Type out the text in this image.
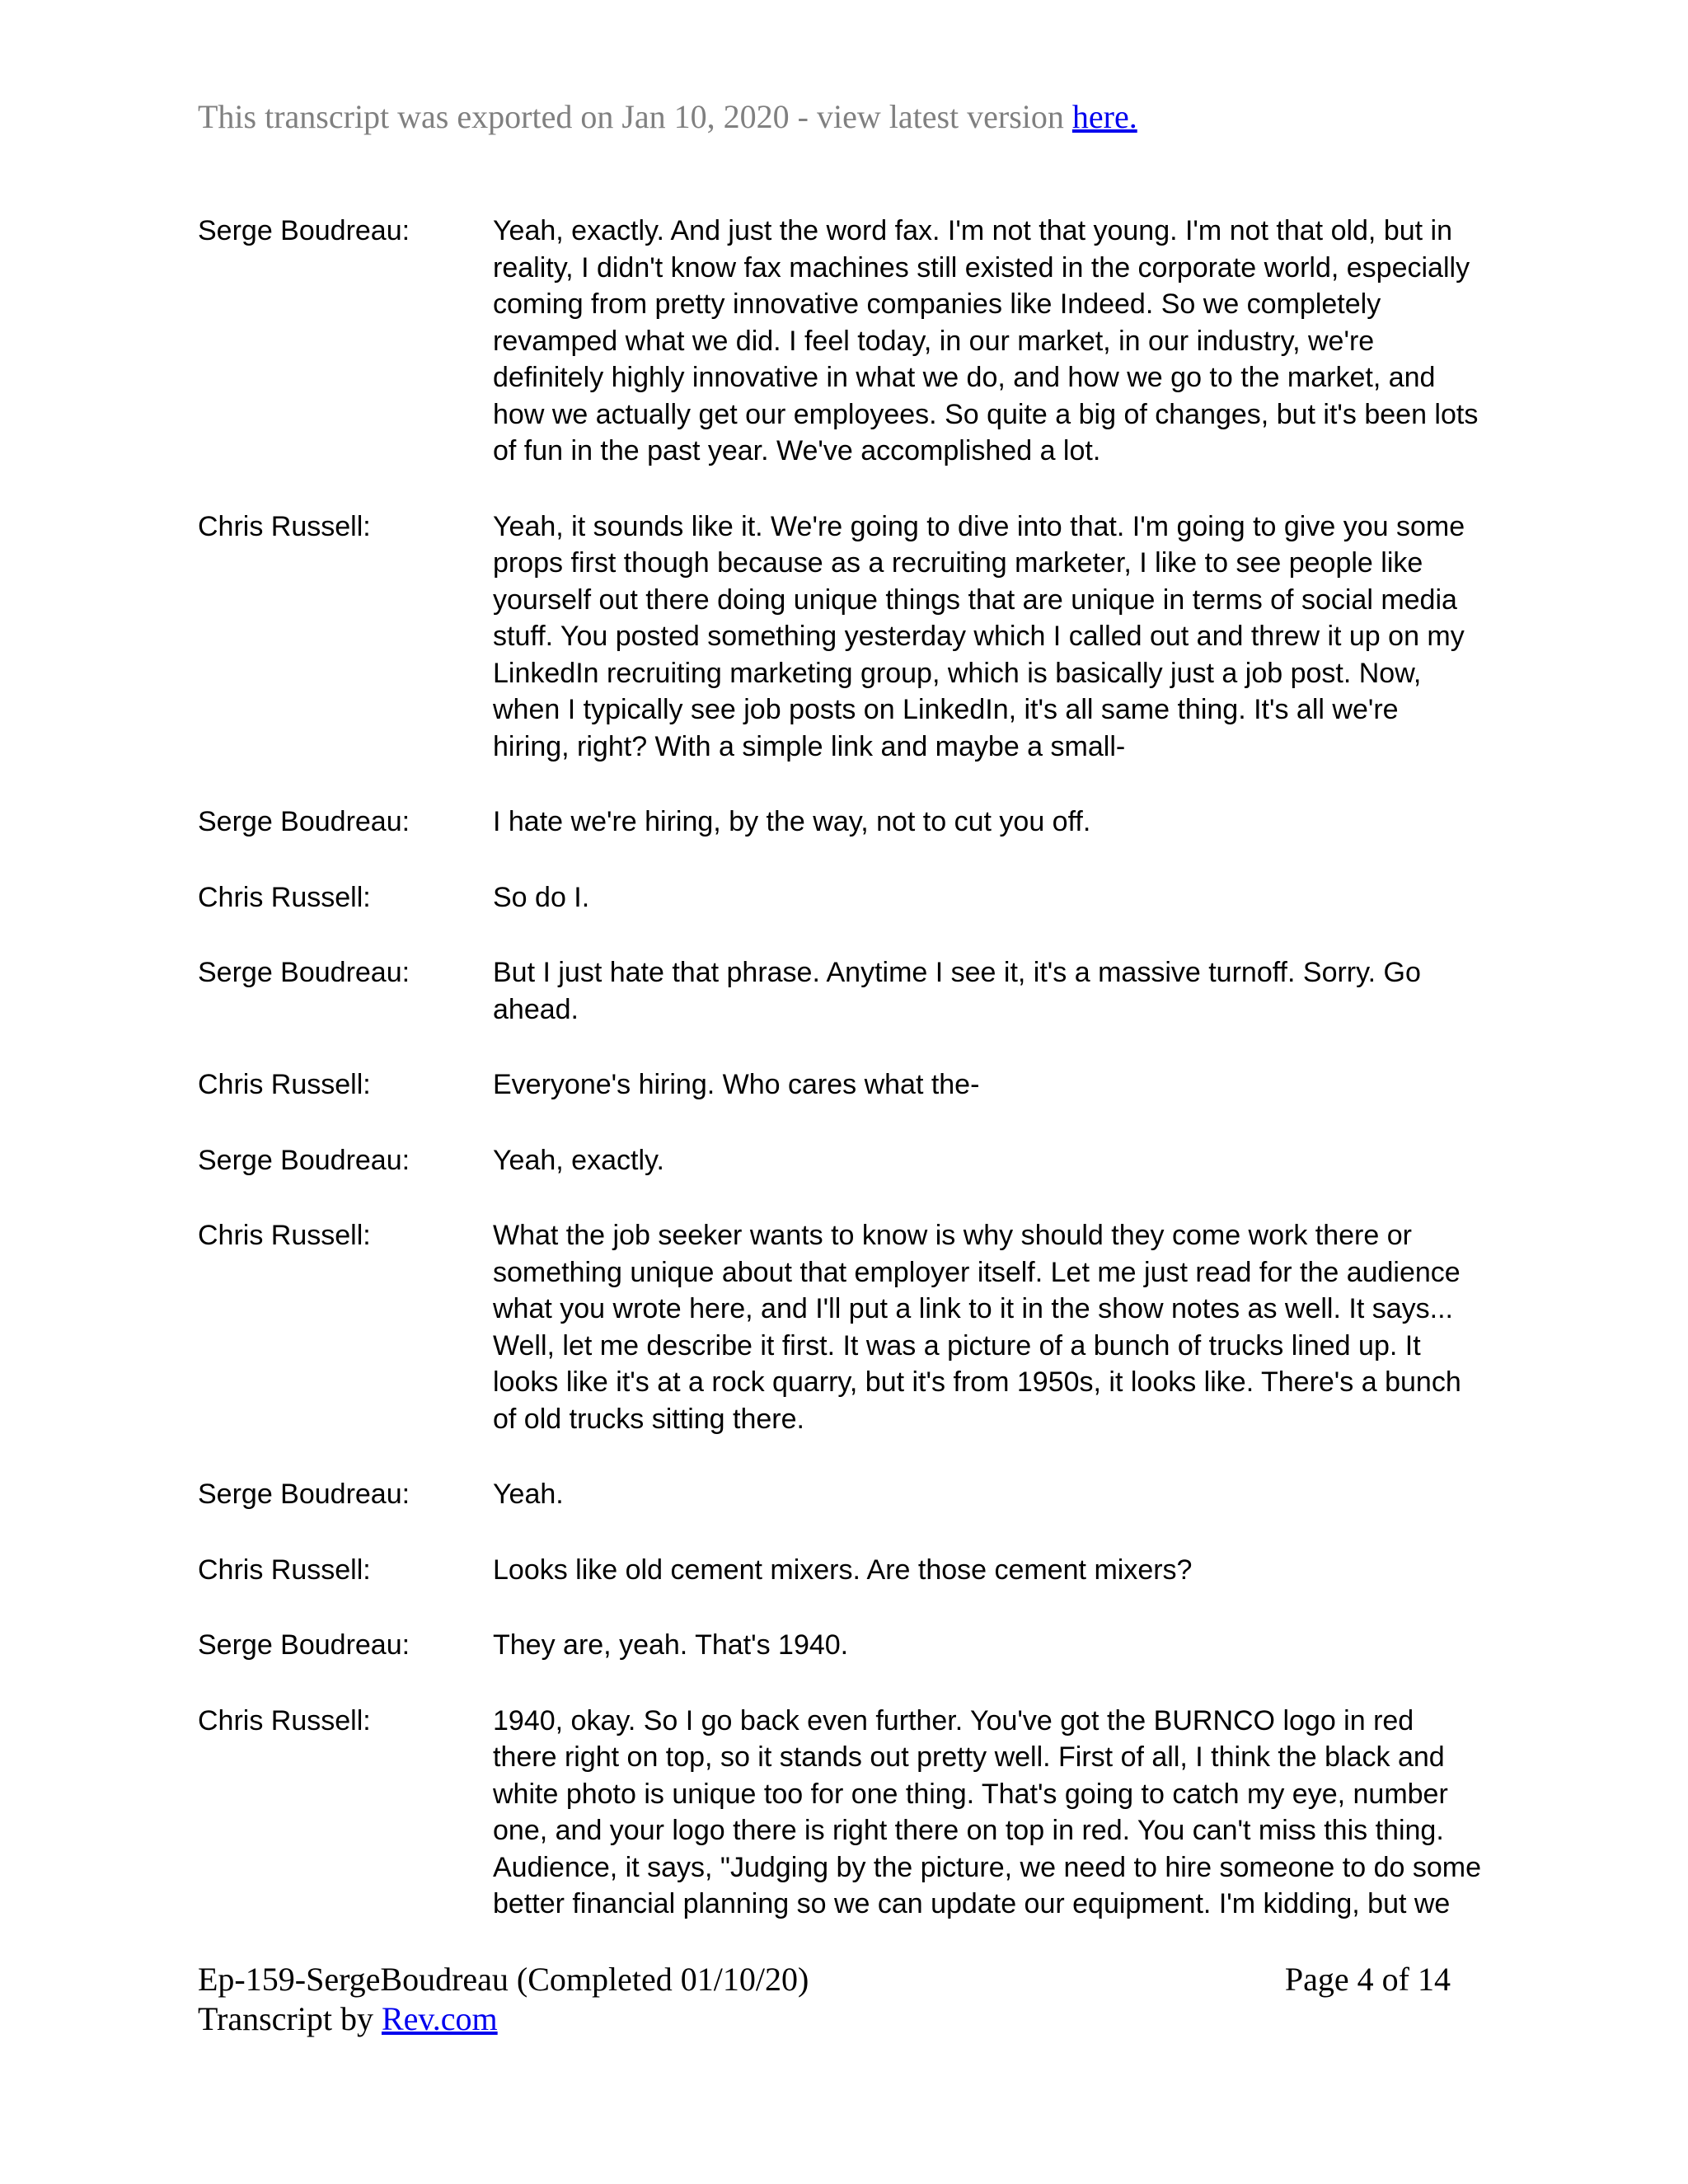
This transcript was exported on Jan 10, 2020 - view latest version here.
Serge Boudreau:	Yeah, exactly. And just the word fax. I'm not that young. I'm not that old, but in reality, I didn't know fax machines still existed in the corporate world, especially coming from pretty innovative companies like Indeed. So we completely revamped what we did. I feel today, in our market, in our industry, we're definitely highly innovative in what we do, and how we go to the market, and how we actually get our employees. So quite a big of changes, but it's been lots of fun in the past year. We've accomplished a lot.
Chris Russell:	Yeah, it sounds like it. We're going to dive into that. I'm going to give you some props first though because as a recruiting marketer, I like to see people like yourself out there doing unique things that are unique in terms of social media stuff. You posted something yesterday which I called out and threw it up on my LinkedIn recruiting marketing group, which is basically just a job post. Now, when I typically see job posts on LinkedIn, it's all same thing. It's all we're hiring, right? With a simple link and maybe a small-
Serge Boudreau:	I hate we're hiring, by the way, not to cut you off.
Chris Russell:	So do I.
Serge Boudreau:	But I just hate that phrase. Anytime I see it, it's a massive turnoff. Sorry. Go ahead.
Chris Russell:	Everyone's hiring. Who cares what the-
Serge Boudreau:	Yeah, exactly.
Chris Russell:	What the job seeker wants to know is why should they come work there or something unique about that employer itself. Let me just read for the audience what you wrote here, and I'll put a link to it in the show notes as well. It says... Well, let me describe it first. It was a picture of a bunch of trucks lined up. It looks like it's at a rock quarry, but it's from 1950s, it looks like. There's a bunch of old trucks sitting there.
Serge Boudreau:	Yeah.
Chris Russell:	Looks like old cement mixers. Are those cement mixers?
Serge Boudreau:	They are, yeah. That's 1940.
Chris Russell:	1940, okay. So I go back even further. You've got the BURNCO logo in red there right on top, so it stands out pretty well. First of all, I think the black and white photo is unique too for one thing. That's going to catch my eye, number one, and your logo there is right there on top in red. You can't miss this thing. Audience, it says, "Judging by the picture, we need to hire someone to do some better financial planning so we can update our equipment. I'm kidding, but we
Ep-159-SergeBoudreau (Completed 01/10/20)	Page 4 of 14
Transcript by Rev.com
